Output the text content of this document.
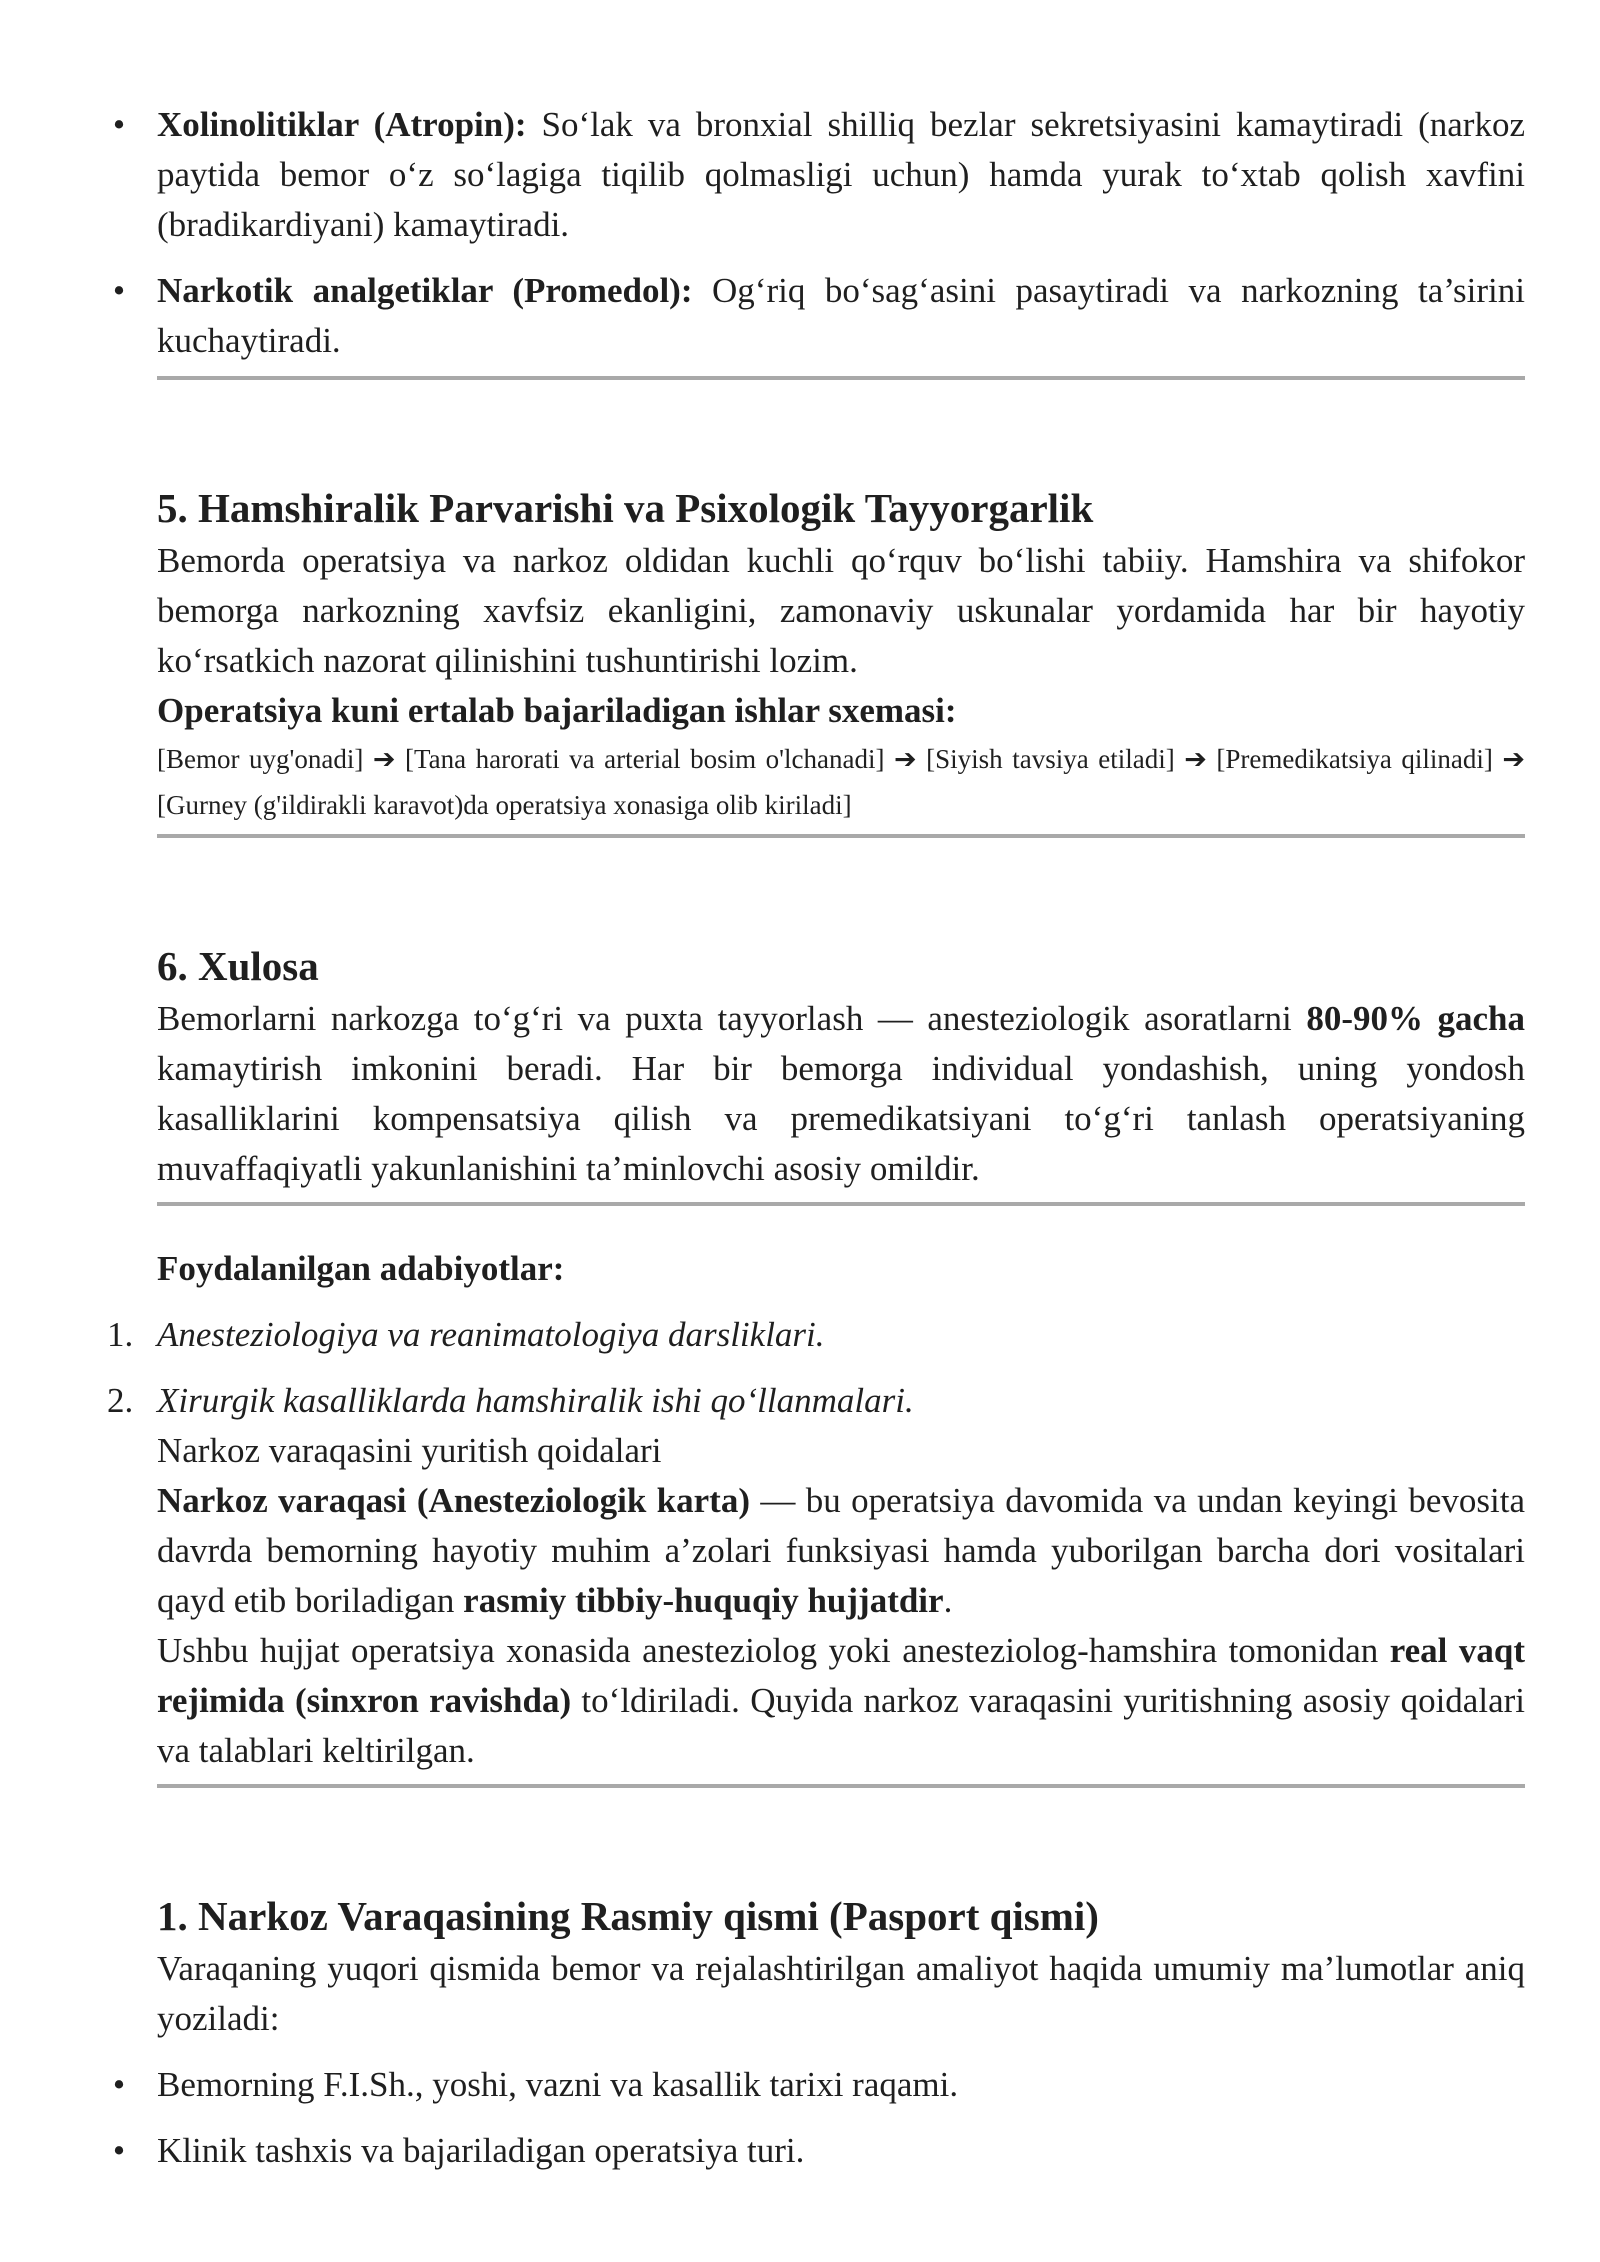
• Xolinolitiklar (Atropin): So‘lak va bronxial shilliq bezlar sekretsiyasini kamaytiradi (narkoz paytida bemor o‘z so‘lagiga tiqilib qolmasligi uchun) hamda yurak to‘xtab qolish xavfini (bradikardiyani) kamaytiradi.
• Narkotik analgetiklar (Promedol): Og‘riq bo‘sag‘asini pasaytiradi va narkozning ta’sirini kuchaytiradi.
5. Hamshiralik Parvarishi va Psixologik Tayyorgarlik

Bemorda operatsiya va narkoz oldidan kuchli qo‘rquv bo‘lishi tabiiy. Hamshira va shifokor bemorga narkozning xavfsiz ekanligini, zamonaviy uskunalar yordamida har bir hayotiy ko‘rsatkich nazorat qilinishini tushuntirishi lozim.

Operatsiya kuni ertalab bajariladigan ishlar sxemasi:

[Bemor uyg'onadi] ➔ [Tana harorati va arterial bosim o'lchanadi] ➔ [Siyish tavsiya etiladi] ➔ [Premedikatsiya qilinadi] ➔ [Gurney (g'ildirakli karavot)da operatsiya xonasiga olib kiriladi]

6. Xulosa

Bemorlarni narkozga to‘g‘ri va puxta tayyorlash — anesteziologik asoratlarni 80-90% gacha kamaytirish imkonini beradi. Har bir bemorga individual yondashish, uning yondosh kasalliklarini kompensatsiya qilish va premedikatsiyani to‘g‘ri tanlash operatsiyaning muvaffaqiyatli yakunlanishini ta’minlovchi asosiy omildir.

Foydalanilgan adabiyotlar:

1. Anesteziologiya va reanimatologiya darsliklari.
2. Xirurgik kasalliklarda hamshiralik ishi qo‘llanmalari.

Narkoz varaqasini yuritish qoidalari

Narkoz varaqasi (Anesteziologik karta) — bu operatsiya davomida va undan keyingi bevosita davrda bemorning hayotiy muhim a’zolari funksiyasi hamda yuborilgan barcha dori vositalari qayd etib boriladigan rasmiy tibbiy-huquqiy hujjatdir.

Ushbu hujjat operatsiya xonasida anesteziolog yoki anesteziolog-hamshira tomonidan real vaqt rejimida (sinxron ravishda) to‘ldiriladi. Quyida narkoz varaqasini yuritishning asosiy qoidalari va talablari keltirilgan.

1. Narkoz Varaqasining Rasmiy qismi (Pasport qismi)

Varaqaning yuqori qismida bemor va rejalashtirilgan amaliyot haqida umumiy ma’lumotlar aniq yoziladi:

• Bemorning F.I.Sh., yoshi, vazni va kasallik tarixi raqami.
• Klinik tashxis va bajariladigan operatsiya turi.
